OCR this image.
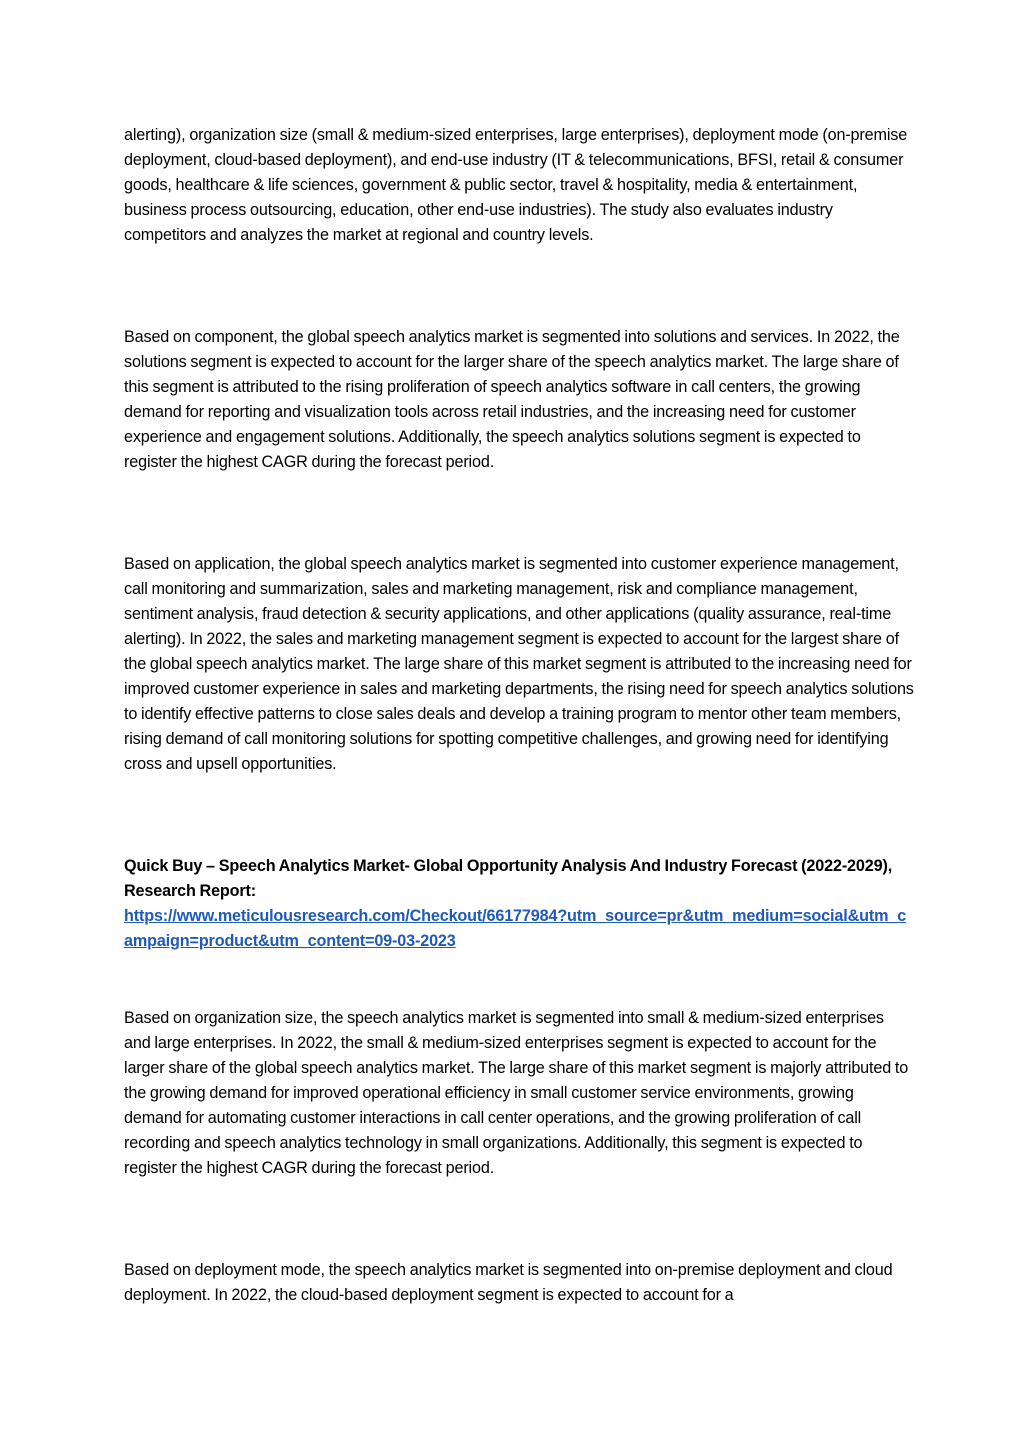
alerting), organization size (small & medium-sized enterprises, large enterprises), deployment mode (on-premise deployment, cloud-based deployment), and end-use industry (IT & telecommunications, BFSI, retail & consumer goods, healthcare & life sciences, government & public sector, travel & hospitality, media & entertainment, business process outsourcing, education, other end-use industries). The study also evaluates industry competitors and analyzes the market at regional and country levels.

Based on component, the global speech analytics market is segmented into solutions and services. In 2022, the solutions segment is expected to account for the larger share of the speech analytics market. The large share of this segment is attributed to the rising proliferation of speech analytics software in call centers, the growing demand for reporting and visualization tools across retail industries, and the increasing need for customer experience and engagement solutions. Additionally, the speech analytics solutions segment is expected to register the highest CAGR during the forecast period.

Based on application, the global speech analytics market is segmented into customer experience management, call monitoring and summarization, sales and marketing management, risk and compliance management, sentiment analysis, fraud detection & security applications, and other applications (quality assurance, real-time alerting). In 2022, the sales and marketing management segment is expected to account for the largest share of the global speech analytics market. The large share of this market segment is attributed to the increasing need for improved customer experience in sales and marketing departments, the rising need for speech analytics solutions to identify effective patterns to close sales deals and develop a training program to mentor other team members, rising demand of call monitoring solutions for spotting competitive challenges, and growing need for identifying cross and upsell opportunities.

Quick Buy – Speech Analytics Market- Global Opportunity Analysis And Industry Forecast (2022-2029), Research Report:
https://www.meticulousresearch.com/Checkout/66177984?utm_source=pr&utm_medium=social&utm_campaign=product&utm_content=09-03-2023

Based on organization size, the speech analytics market is segmented into small & medium-sized enterprises and large enterprises. In 2022, the small & medium-sized enterprises segment is expected to account for the larger share of the global speech analytics market. The large share of this market segment is majorly attributed to the growing demand for improved operational efficiency in small customer service environments, growing demand for automating customer interactions in call center operations, and the growing proliferation of call recording and speech analytics technology in small organizations. Additionally, this segment is expected to register the highest CAGR during the forecast period.

Based on deployment mode, the speech analytics market is segmented into on-premise deployment and cloud deployment. In 2022, the cloud-based deployment segment is expected to account for a
